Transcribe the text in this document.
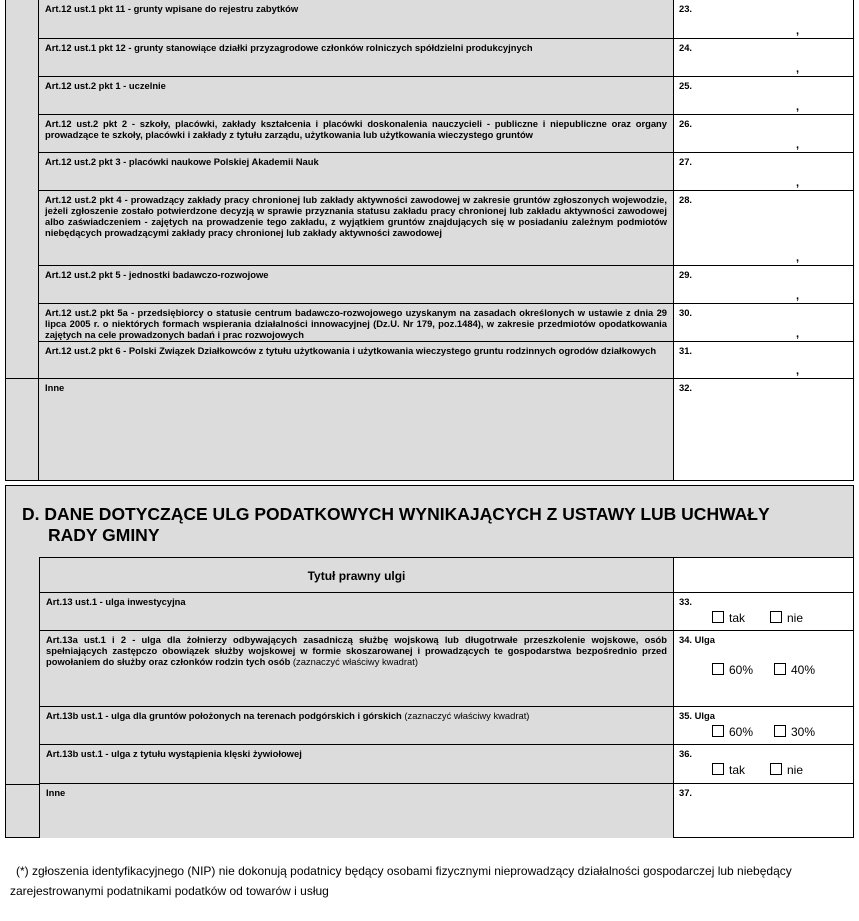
Art.12 ust.1 pkt 11 - grunty wpisane do rejestru zabytków	23.
,
Art.12 ust.1 pkt 12 - grunty stanowiące działki przyzagrodowe członków rolniczych spółdzielni produkcyjnych	24.
,
Art.12 ust.2 pkt 1 - uczelnie	25.
,
Art.12 ust.2 pkt 2 - szkoły, placówki, zakłady kształcenia i placówki doskonalenia nauczycieli - publiczne i niepubliczne oraz organy prowadzące te szkoły, placówki i zakłady z tytułu zarządu, użytkowania lub użytkowania wieczystego gruntów
26.
,
Art.12 ust.2 pkt 3 - placówki naukowe Polskiej Akademii Nauk	27.
,
Art.12 ust.2 pkt 4 - prowadzący zakłady pracy chronionej lub zakłady aktywności zawodowej w zakresie gruntów zgłoszonych wojewodzie, jeżeli zgłoszenie zostało potwierdzone decyzją w sprawie przyznania statusu zakładu pracy chronionej lub zakładu aktywności zawodowej albo zaświadczeniem - zajętych na prowadzenie tego zakładu, z wyjątkiem gruntów znajdujących się w posiadaniu zależnym podmiotów niebędących prowadzącymi zakłady pracy chronionej lub zakłady aktywności zawodowej
28.
,
Art.12 ust.2 pkt 5 - jednostki badawczo-rozwojowe	29.
,
Art.12 ust.2 pkt 5a - przedsiębiorcy o statusie centrum badawczo-rozwojowego uzyskanym na zasadach określonych w ustawie z dnia 29 lipca 2005 r. o niektórych formach wspierania działalności innowacyjnej (Dz.U. Nr 179, poz.1484), w zakresie przedmiotów opodatkowania zajętych na cele prowadzonych badań i prac rozwojowych
30.
,
Art.12 ust.2 pkt 6 - Polski Związek Działkowców z tytułu użytkowania i użytkowania wieczystego gruntu rodzinnych ogrodów działkowych	31.
,
Inne	32.
D. DANE DOTYCZĄCE ULG PODATKOWYCH WYNIKAJĄCYCH Z USTAWY LUB UCHWAŁY
RADY GMINY
Tytuł prawny ulgi
Art.13 ust.1 - ulga inwestycyjna	33.
tak	nie
Art.13a ust.1 i 2 - ulga dla żołnierzy odbywających zasadniczą służbę wojskową lub długotrwałe przeszkolenie wojskowe, osób spełniających zastępczo obowiązek służby wojskowej w formie skoszarowanej i prowadzących te gospodarstwa bezpośrednio przed powołaniem do służby oraz członków rodzin tych osób (zaznaczyć właściwy kwadrat)
34. Ulga
60%	40%
Art.13b ust.1 - ulga dla gruntów położonych na terenach podgórskich i górskich (zaznaczyć właściwy kwadrat)	35. Ulga
60%	30%
Art.13b ust.1 - ulga z tytułu wystąpienia klęski żywiołowej	36.
tak	nie
Inne	37.
(*) zgłoszenia identyfikacyjnego (NIP) nie dokonują podatnicy będący osobami fizycznymi nieprowadzący działalności gospodarczej lub niebędący
zarejestrowanymi podatnikami podatków od towarów i usług
